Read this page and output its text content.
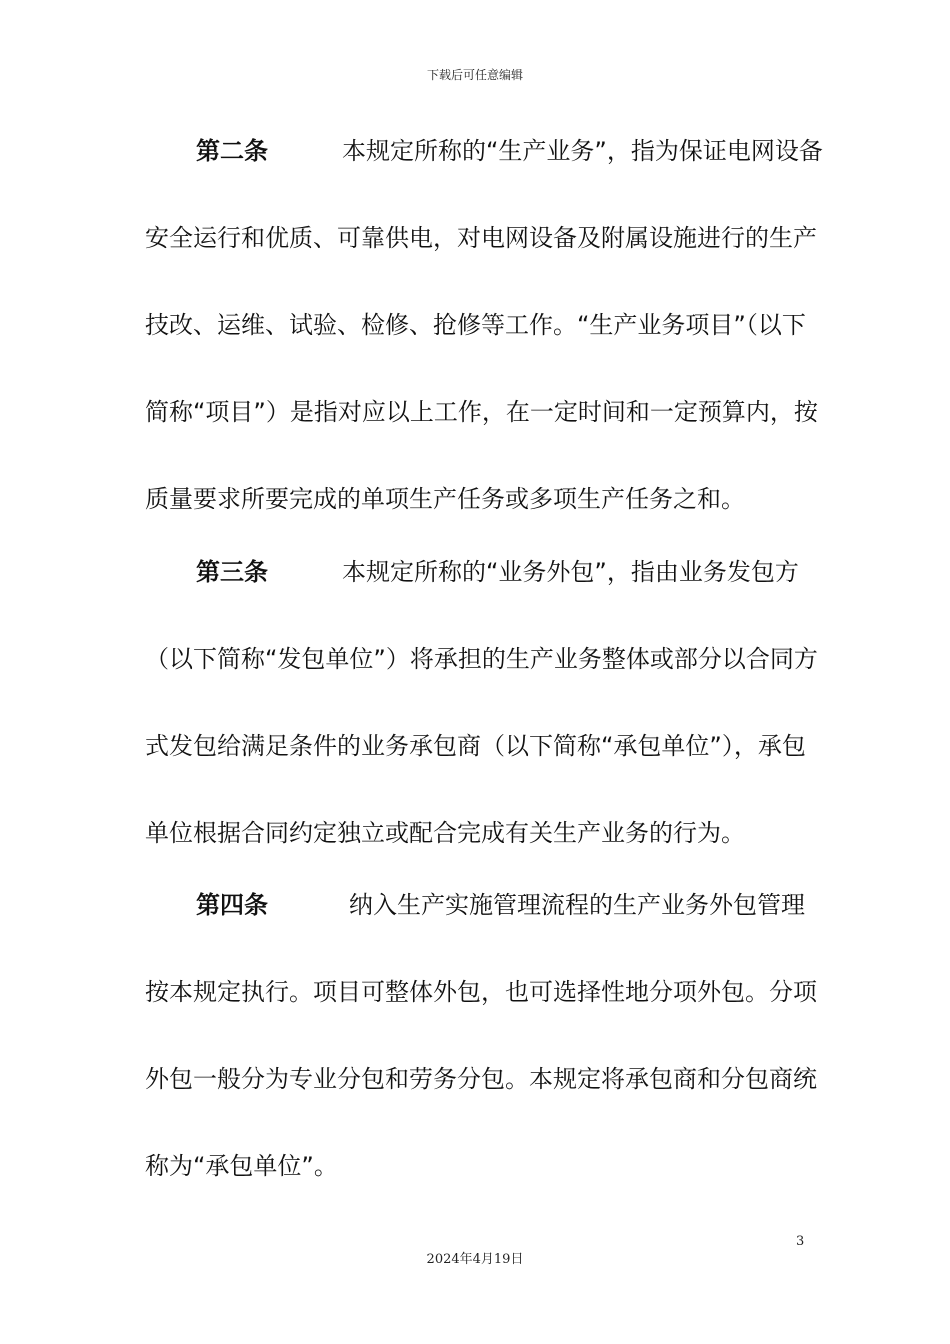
下载后可任意编辑
第二条	本规定所称的“生产业务”，指为保证电网设备
安全运行和优质、可靠供电，对电网设备及附属设施进行的生产
技改、运维、试验、检修、抢修等工作。“生产业务项目”（以下
简称“项目”）是指对应以上工作，在一定时间和一定预算内，按
质量要求所要完成的单项生产任务或多项生产任务之和。
第三条	本规定所称的“业务外包”，指由业务发包方
（以下简称“发包单位”）将承担的生产业务整体或部分以合同方
式发包给满足条件的业务承包商（以下简称“承包单位”），承包
单位根据合同约定独立或配合完成有关生产业务的行为。
第四条	纳入生产实施管理流程的生产业务外包管理
按本规定执行。项目可整体外包，也可选择性地分项外包。分项
外包一般分为专业分包和劳务分包。本规定将承包商和分包商统
称为“承包单位”。
3
2024年4月19日
